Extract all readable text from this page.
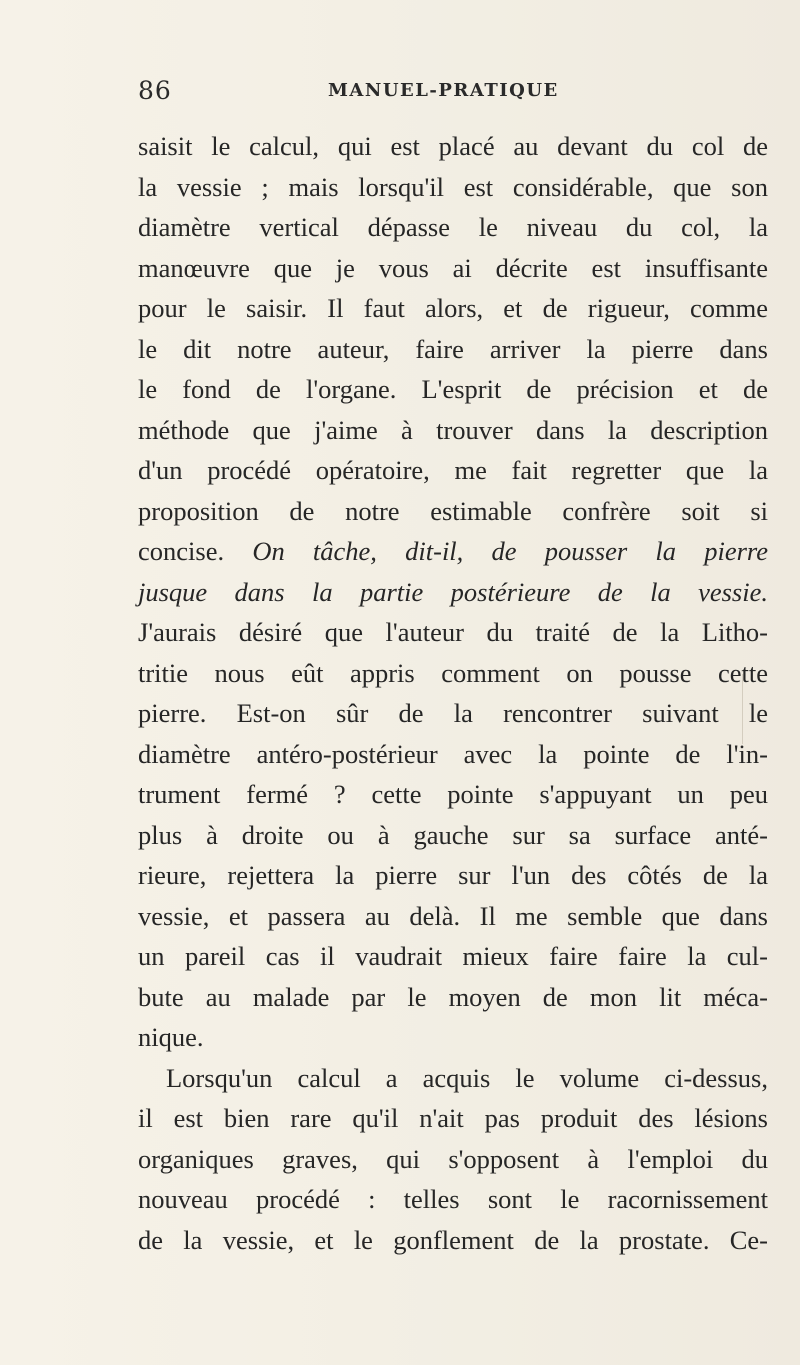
86	MANUEL-PRATIQUE
saisit le calcul, qui est placé au devant du col de
la vessie ; mais lorsqu'il est considérable, que son
diamètre vertical dépasse le niveau du col, la
manœuvre que je vous ai décrite est insuffisante
pour le saisir. Il faut alors, et de rigueur, comme
le dit notre auteur, faire arriver la pierre dans
le fond de l'organe. L'esprit de précision et de
méthode que j'aime à trouver dans la description
d'un procédé opératoire, me fait regretter que la
proposition de notre estimable confrère soit si
concise. On tâche, dit-il, de pousser la pierre
jusque dans la partie postérieure de la vessie.
J'aurais désiré que l'auteur du traité de la Litho-
tritie nous eût appris comment on pousse cette
pierre. Est-on sûr de la rencontrer suivant le
diamètre antéro-postérieur avec la pointe de l'in-
trument fermé ? cette pointe s'appuyant un peu
plus à droite ou à gauche sur sa surface anté-
rieure, rejettera la pierre sur l'un des côtés de la
vessie, et passera au delà. Il me semble que dans
un pareil cas il vaudrait mieux faire faire la cul-
bute au malade par le moyen de mon lit méca-
nique.
Lorsqu'un calcul a acquis le volume ci-dessus,
il est bien rare qu'il n'ait pas produit des lésions
organiques graves, qui s'opposent à l'emploi du
nouveau procédé : telles sont le racornissement
de la vessie, et le gonflement de la prostate. Ce-
